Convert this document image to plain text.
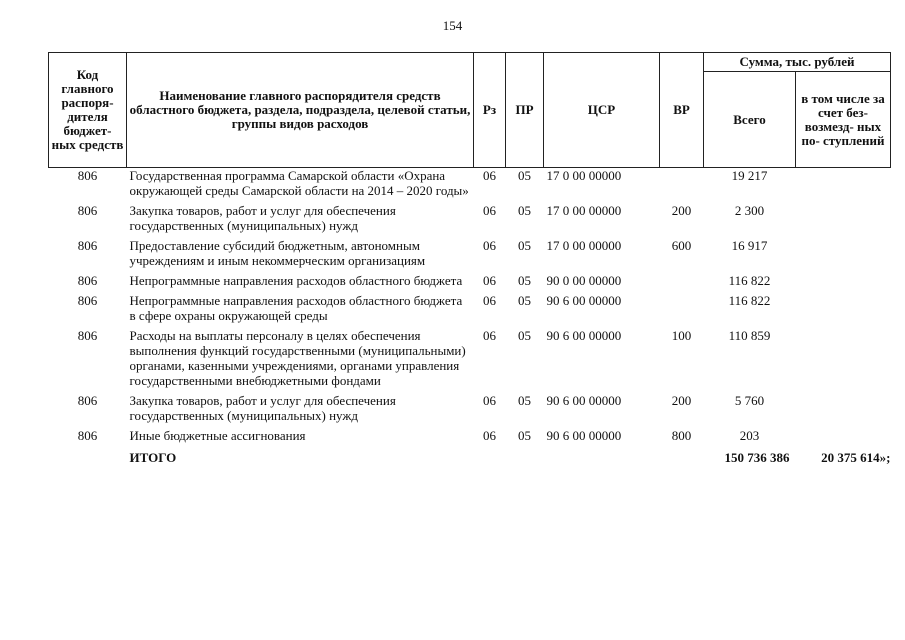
154
Код главного распоря- дителя бюджет- ных средств	Наименование главного распорядителя средств областного бюджета, раздела, подраздела, целевой статьи, группы видов расходов	Рз	ПР	ЦСР	ВР	Сумма, тыс. рублей	
						Всего	в том числе за счет без- возмезд- ных по- ступлений
806	Государственная программа Самарской области «Охрана окружающей среды Самарской области на 2014 – 2020 годы»	06	05	17 0 00 00000		19 217	
806	Закупка товаров, работ и услуг для обеспечения государственных (муниципальных) нужд	06	05	17 0 00 00000	200	2 300	
806	Предоставление субсидий бюджетным, автономным учреждениям и иным некоммерческим организациям	06	05	17 0 00 00000	600	16 917	
806	Непрограммные направления расходов областного бюджета	06	05	90 0 00 00000		116 822	
806	Непрограммные направления расходов областного бюджета в сфере охраны окружающей среды	06	05	90 6 00 00000		116 822	
806	Расходы на выплаты персоналу в целях обеспечения выполнения функций государственными (муниципальными) органами, казенными учреждениями, органами управления государственными внебюджетными фондами	06	05	90 6 00 00000	100	110 859	
806	Закупка товаров, работ и услуг для обеспечения государственных (муниципальных) нужд	06	05	90 6 00 00000	200	5 760	
806	Иные бюджетные ассигнования	06	05	90 6 00 00000	800	203	
	ИТОГО					150 736 386	20 375 614»;
